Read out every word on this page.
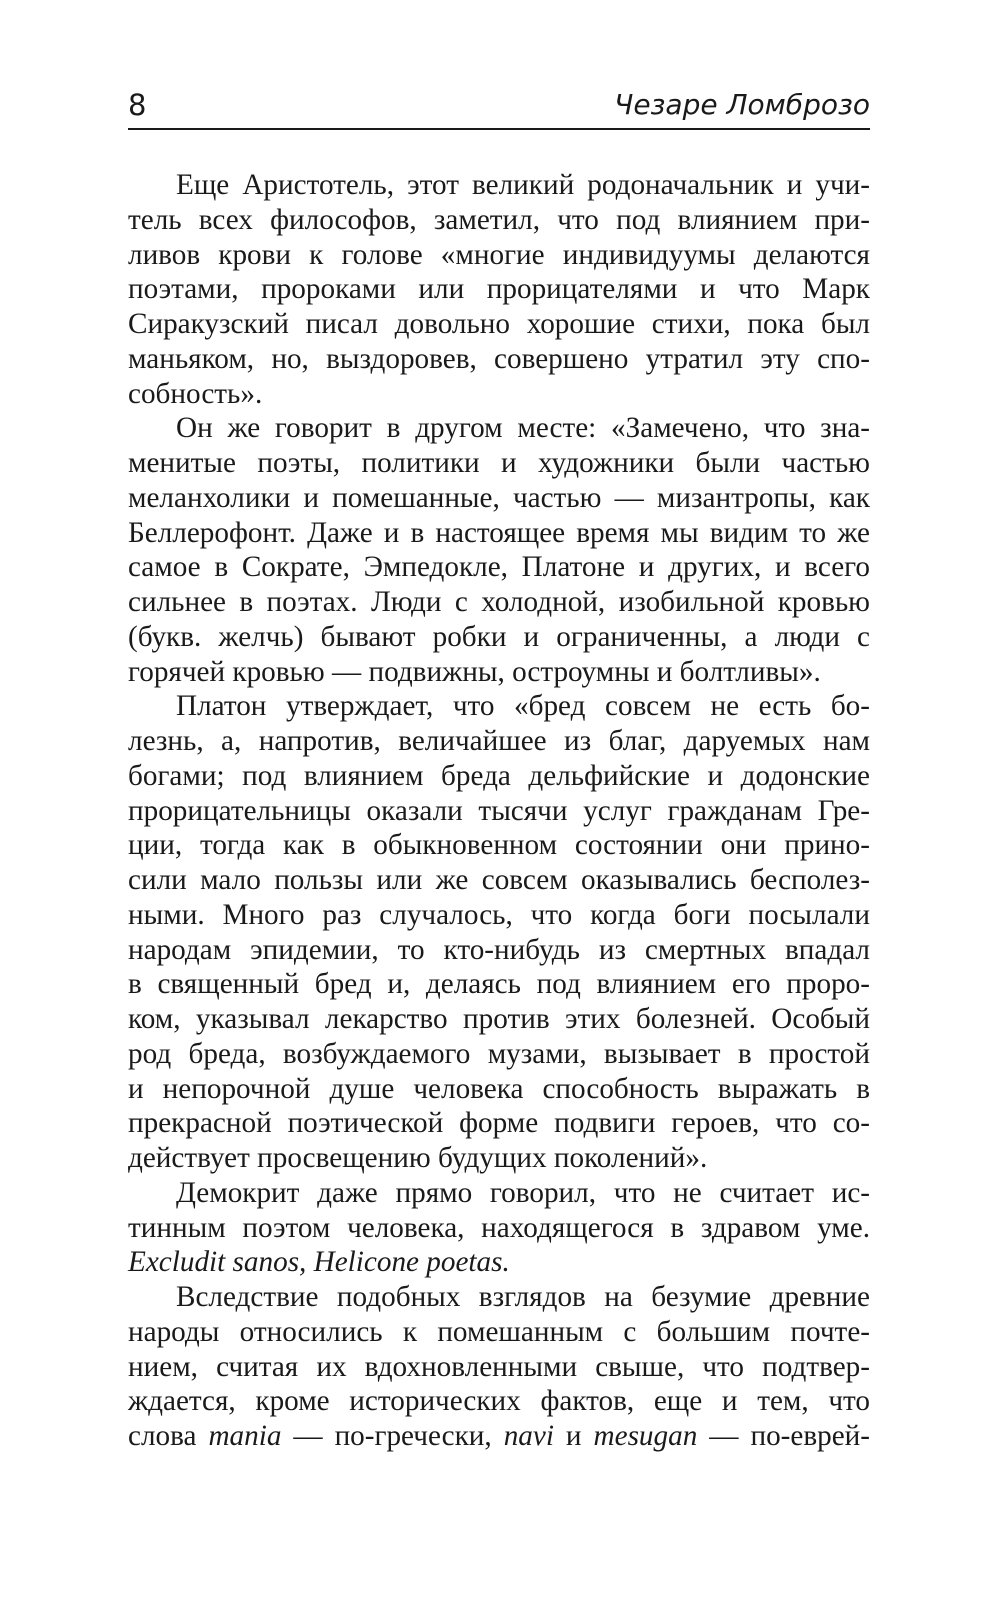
8	Чезаре Ломброзо

Еще Аристотель, этот великий родоначальник и учи-
тель всех философов, заметил, что под влиянием при-
ливов крови к голове «многие индивидуумы делаются
поэтами, пророками или прорицателями и что Марк
Сиракузский писал довольно хорошие стихи, пока был
маньяком, но, выздоровев, совершено утратил эту спо-
собность».

Он же говорит в другом месте: «Замечено, что зна-
менитые поэты, политики и художники были частью
меланхолики и помешанные, частью — мизантропы, как
Беллерофонт. Даже и в настоящее время мы видим то же
самое в Сократе, Эмпедокле, Платоне и других, и всего
сильнее в поэтах. Люди с холодной, изобильной кровью
(букв. желчь) бывают робки и ограниченны, а люди с
горячей кровью — подвижны, остроумны и болтливы».

Платон утверждает, что «бред совсем не есть бо-
лезнь, а, напротив, величайшее из благ, даруемых нам
богами; под влиянием бреда дельфийские и додонские
прорицательницы оказали тысячи услуг гражданам Гре-
ции, тогда как в обыкновенном состоянии они прино-
сили мало пользы или же совсем оказывались бесполез-
ными. Много раз случалось, что когда боги посылали
народам эпидемии, то кто-нибудь из смертных впадал
в священный бред и, делаясь под влиянием его проро-
ком, указывал лекарство против этих болезней. Особый
род бреда, возбуждаемого музами, вызывает в простой
и непорочной душе человека способность выражать в
прекрасной поэтической форме подвиги героев, что со-
действует просвещению будущих поколений».

Демокрит даже прямо говорил, что не считает ис-
тинным поэтом человека, находящегося в здравом уме.
Excludit sanos, Helicone poetas.

Вследствие подобных взглядов на безумие древние
народы относились к помешанным с большим почте-
нием, считая их вдохновленными свыше, что подтвер-
ждается, кроме исторических фактов, еще и тем, что
слова mania — по-гречески, navi и mesugan — по-еврей-
